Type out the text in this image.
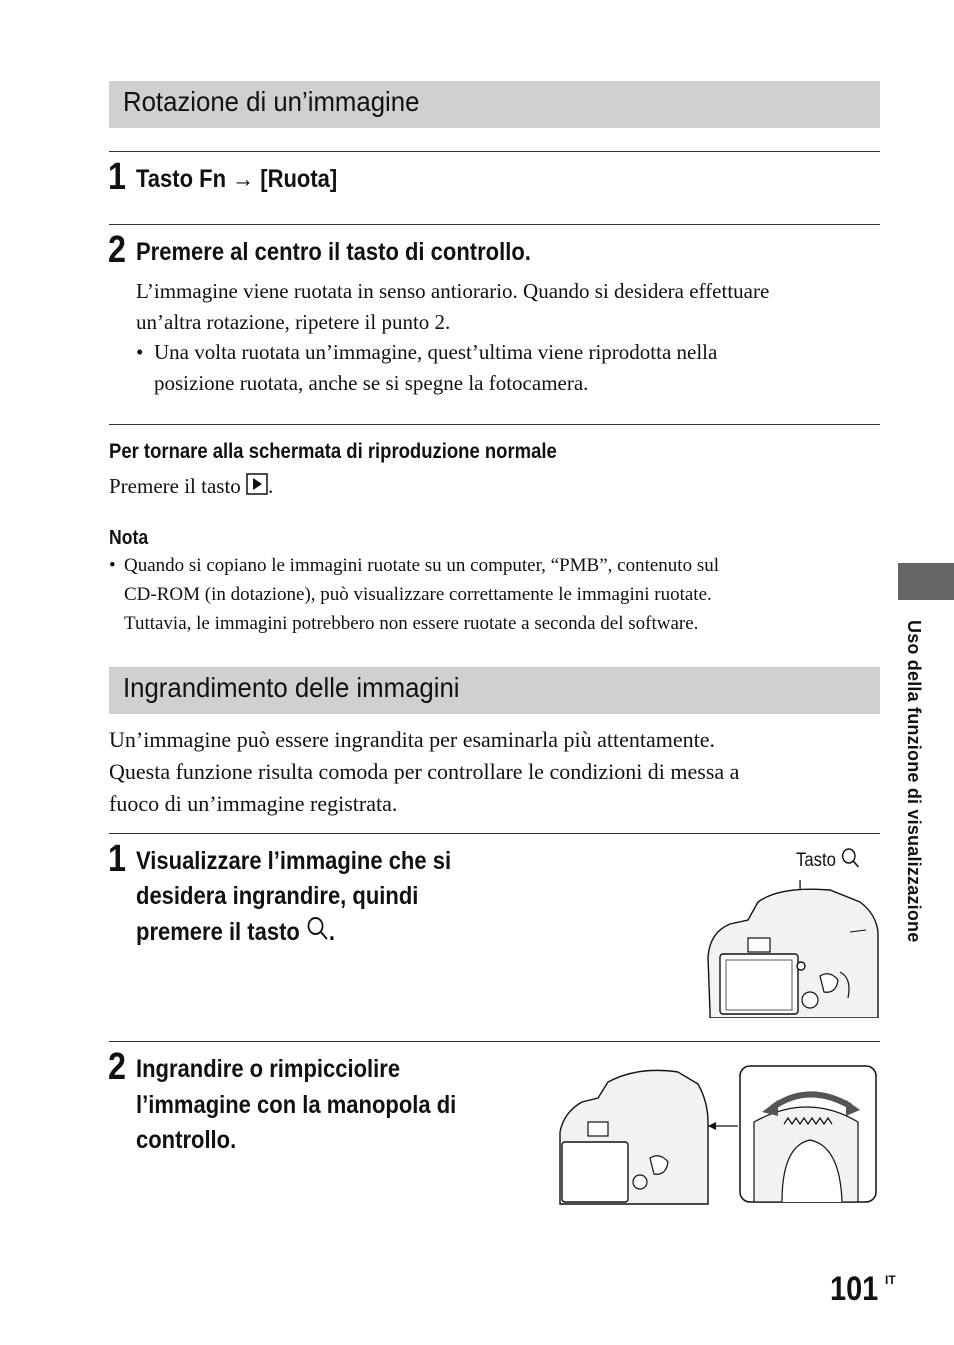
Rotazione di un’immagine
1 Tasto Fn → [Ruota]
2 Premere al centro il tasto di controllo.
L’immagine viene ruotata in senso antiorario. Quando si desidera effettuare
un’altra rotazione, ripetere il punto 2.
• Una volta ruotata un’immagine, quest’ultima viene riprodotta nella
posizione ruotata, anche se si spegne la fotocamera.
Per tornare alla schermata di riproduzione normale
Premere il tasto .
Nota
• Quando si copiano le immagini ruotate su un computer, “PMB”, contenuto sul
CD-ROM (in dotazione), può visualizzare correttamente le immagini ruotate.
Tuttavia, le immagini potrebbero non essere ruotate a seconda del software.
Ingrandimento delle immagini
Un’immagine può essere ingrandita per esaminarla più attentamente.
Questa funzione risulta comoda per controllare le condizioni di messa a
fuoco di un’immagine registrata.
1 Visualizzare l’immagine che si
desidera ingrandire, quindi
premere il tasto .
Tasto
2 Ingrandire o rimpicciolire
l’immagine con la manopola di
controllo.
Uso della funzione di visualizzazione
101 IT
